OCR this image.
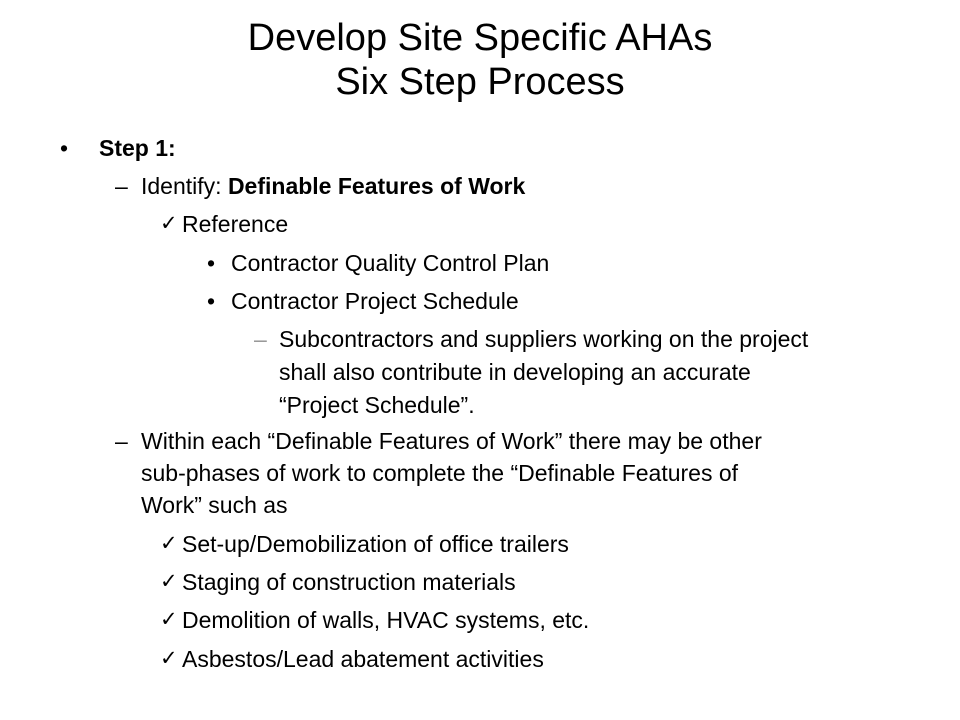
Develop Site Specific AHAs
Six Step Process
• Step 1:
– Identify: Definable Features of Work
✓ Reference
• Contractor Quality Control Plan
• Contractor Project Schedule
– Subcontractors and suppliers working on the project
shall also contribute in developing an accurate
“Project Schedule”.
– Within each “Definable Features of Work” there may be other
sub-phases of work to complete the “Definable Features of
Work” such as
✓ Set-up/Demobilization of office trailers
✓ Staging of construction materials
✓ Demolition of walls, HVAC systems, etc.
✓ Asbestos/Lead abatement activities
